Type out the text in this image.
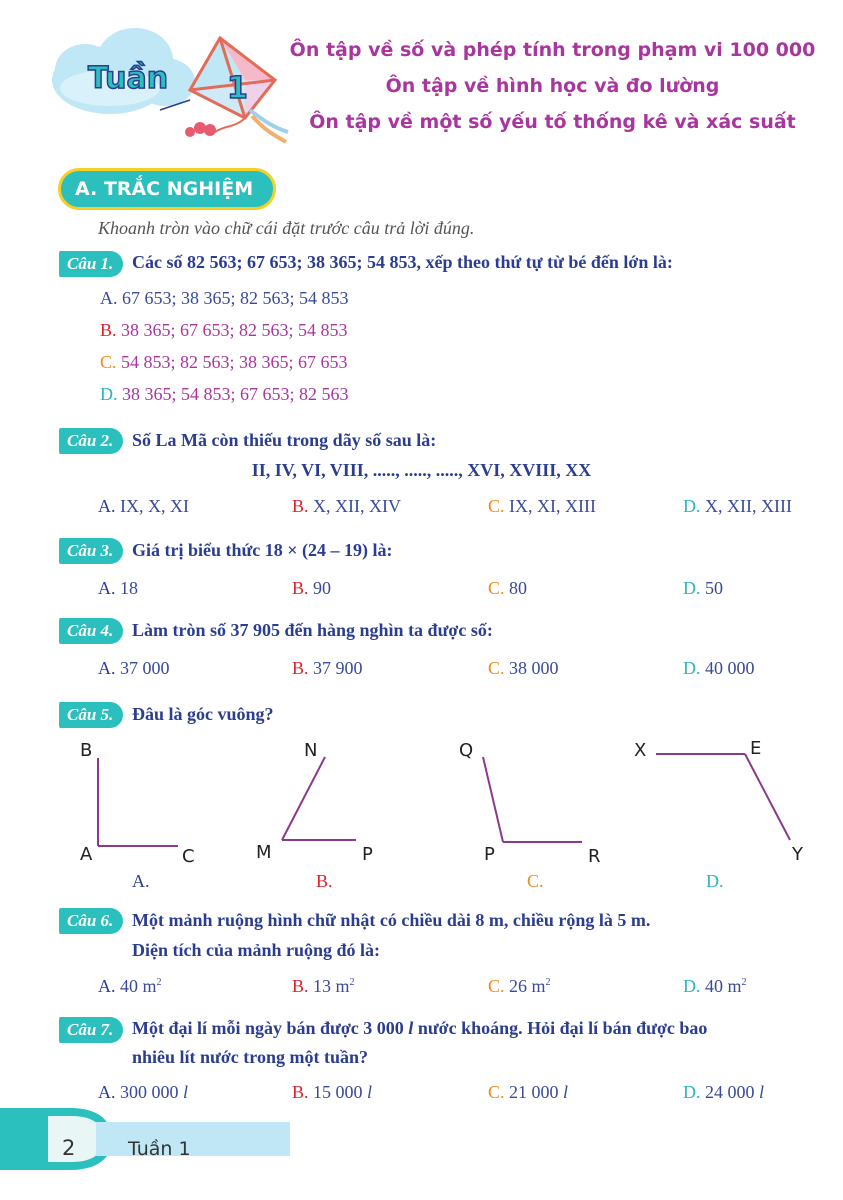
Tuần 1
Ôn tập về số và phép tính trong phạm vi 100 000
Ôn tập về hình học và đo lường
Ôn tập về một số yếu tố thống kê và xác suất
A. TRẮC NGHIỆM
Khoanh tròn vào chữ cái đặt trước câu trả lời đúng.
Câu 1.	Các số 82 563; 67 653; 38 365; 54 853, xếp theo thứ tự từ bé đến lớn là:
A. 67 653; 38 365; 82 563; 54 853
B. 38 365; 67 653; 82 563; 54 853
C. 54 853; 82 563; 38 365; 67 653
D. 38 365; 54 853; 67 653; 82 563
Câu 2.	Số La Mã còn thiếu trong dãy số sau là:
II, IV, VI, VIII, ....., ....., ....., XVI, XVIII, XX
A. IX, X, XI	B. X, XII, XIV	C. IX, XI, XIII	D. X, XII, XIII
Câu 3.	Giá trị biểu thức 18 × (24 – 19) là:
A. 18	B. 90	C. 80	D. 50
Câu 4.	Làm tròn số 37 905 đến hàng nghìn ta được số:
A. 37 000	B. 37 900	C. 38 000	D. 40 000
Câu 5.	Đâu là góc vuông?
B
A	C
A.
N
M	P
B.
Q
P	R
C.
X	E
Y
D.
Câu 6.	Một mảnh ruộng hình chữ nhật có chiều dài 8 m, chiều rộng là 5 m.
Diện tích của mảnh ruộng đó là:
A. 40 $m^2$	B. 13 $m^2$	C. 26 $m^2$	D. 40 $m^2$
Câu 7.	Một đại lí mỗi ngày bán được 3 000 l nước khoáng. Hỏi đại lí bán được bao
nhiêu lít nước trong một tuần?
A. 300 000 l	B. 15 000 l	C. 21 000 l	D. 24 000 l
2	Tuần 1
